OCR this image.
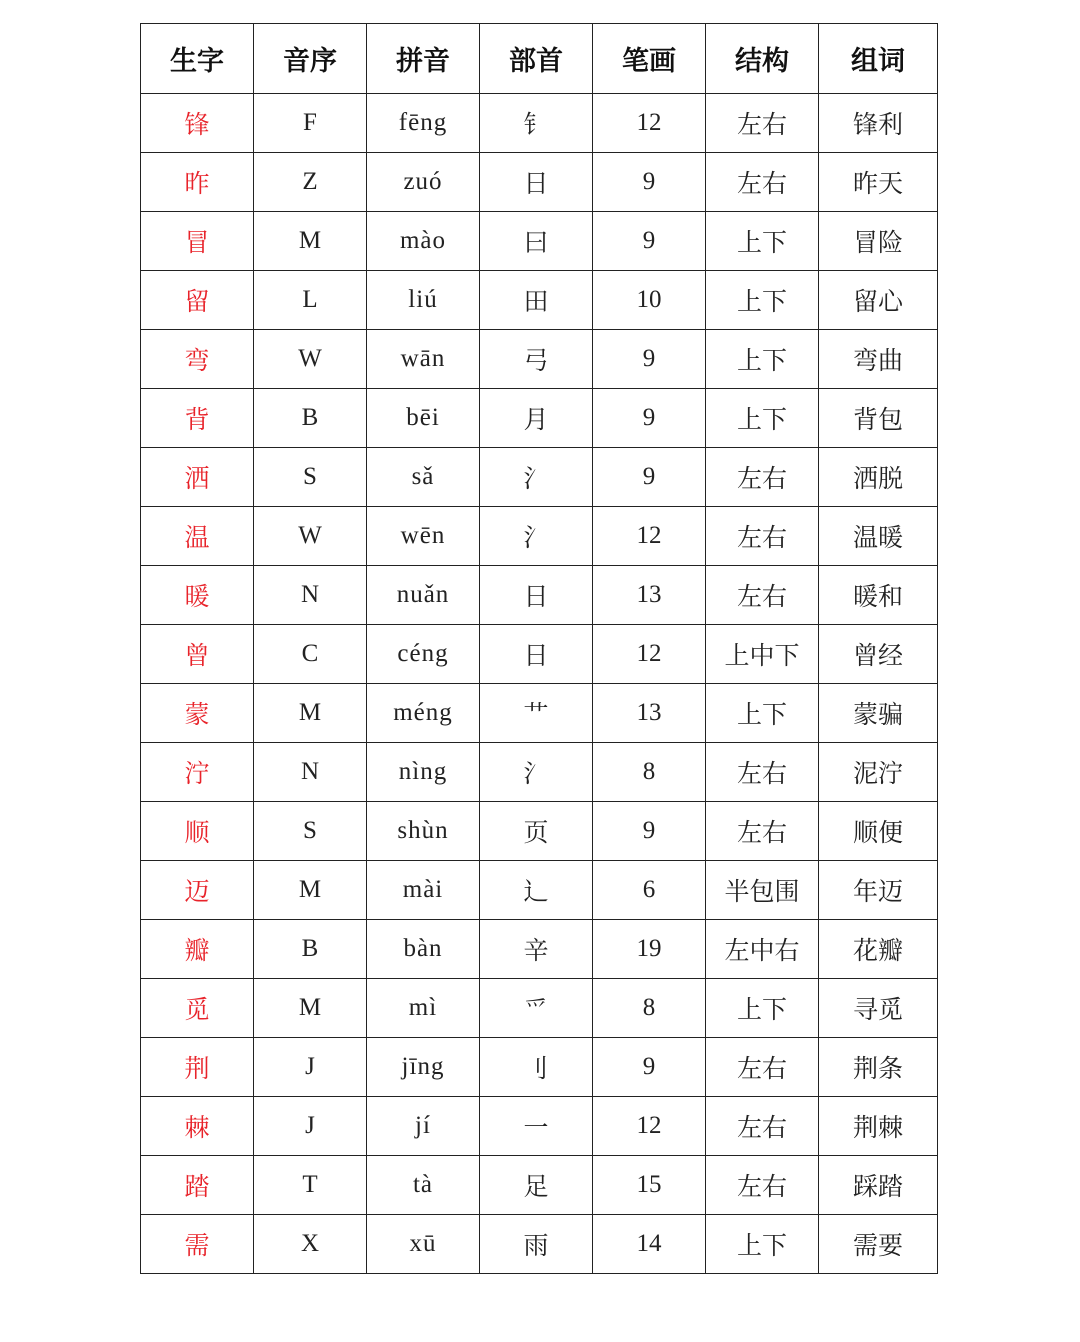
生字	音序	拼音	部首	笔画	结构	组词
锋	F	fēng	钅	12	左右	锋利
昨	Z	zuó	日	9	左右	昨天
冒	M	mào	曰	9	上下	冒险
留	L	liú	田	10	上下	留心
弯	W	wān	弓	9	上下	弯曲
背	B	bēi	月	9	上下	背包
洒	S	sǎ	氵	9	左右	洒脱
温	W	wēn	氵	12	左右	温暖
暖	N	nuǎn	日	13	左右	暖和
曾	C	céng	日	12	上中下	曾经
蒙	M	méng	艹	13	上下	蒙骗
泞	N	nìng	氵	8	左右	泥泞
顺	S	shùn	页	9	左右	顺便
迈	M	mài	辶	6	半包围	年迈
瓣	B	bàn	辛	19	左中右	花瓣
觅	M	mì	爫	8	上下	寻觅
荆	J	jīng	刂	9	左右	荆条
棘	J	jí	一	12	左右	荆棘
踏	T	tà	足	15	左右	踩踏
需	X	xū	雨	14	上下	需要
